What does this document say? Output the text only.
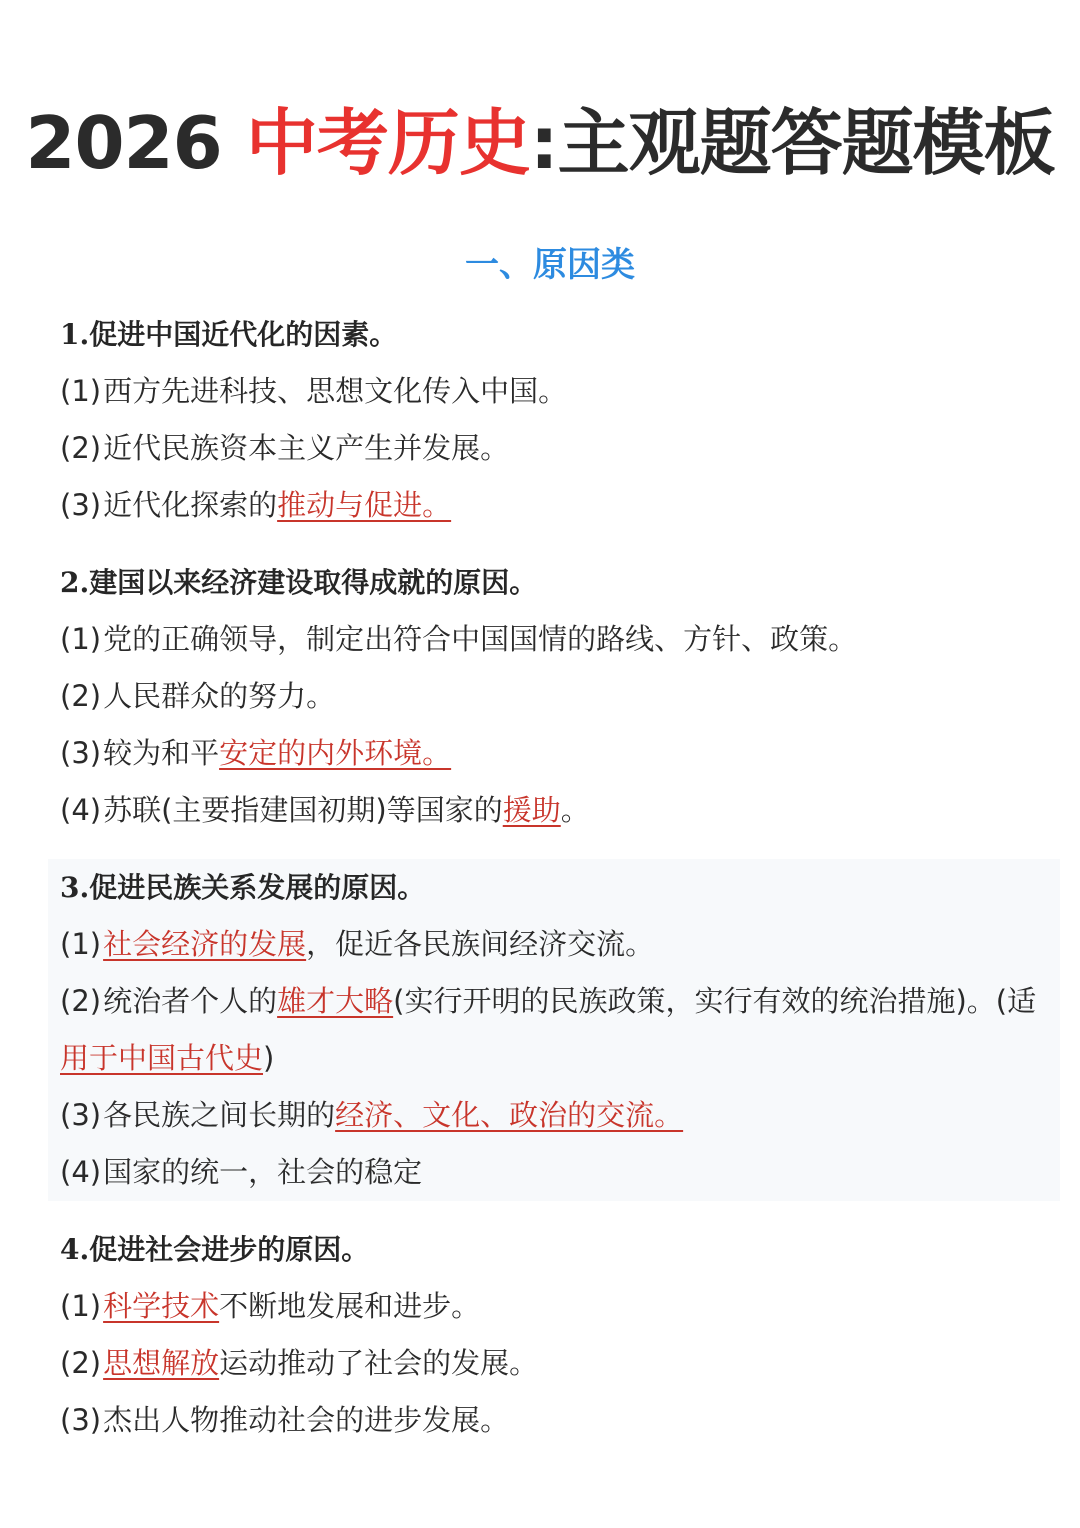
2026 中考历史:主观题答题模板
一、原因类
1.促进中国近代化的因素。
(1)西方先进科技、思想文化传入中国。
(2)近代民族资本主义产生并发展。
(3)近代化探索的推动与促进。
2.建国以来经济建设取得成就的原因。
(1)党的正确领导，制定出符合中国国情的路线、方针、政策。
(2)人民群众的努力。
(3)较为和平安定的内外环境。
(4)苏联(主要指建国初期)等国家的援助。
3.促进民族关系发展的原因。
(1)社会经济的发展，促近各民族间经济交流。
(2)统治者个人的雄才大略(实行开明的民族政策，实行有效的统治措施)。(适用于中国古代史)
(3)各民族之间长期的经济、文化、政治的交流。
(4)国家的统一，社会的稳定
4.促进社会进步的原因。
(1)科学技术不断地发展和进步。
(2)思想解放运动推动了社会的发展。
(3)杰出人物推动社会的进步发展。
